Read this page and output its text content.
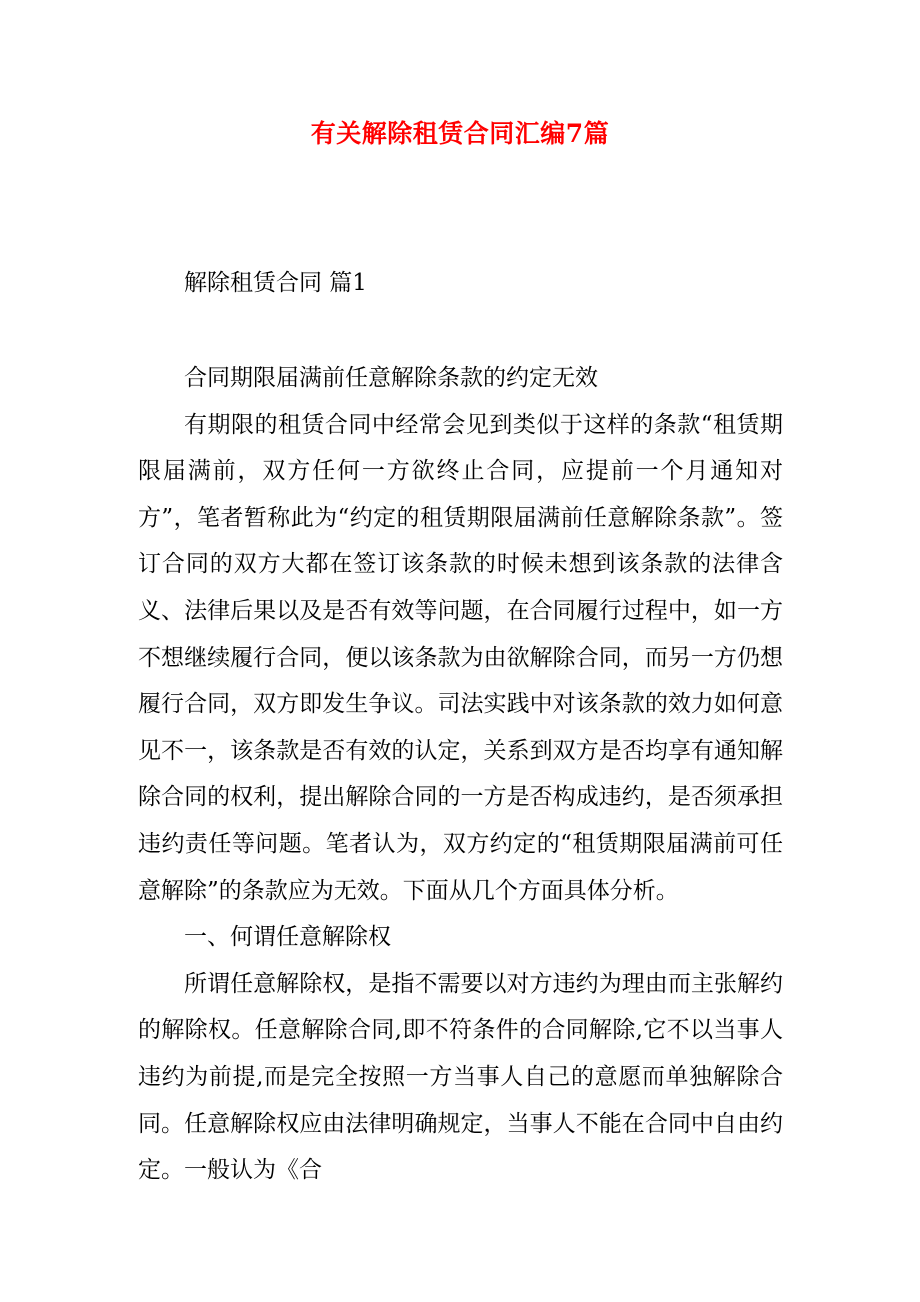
有关解除租赁合同汇编7篇

解除租赁合同 篇1

合同期限届满前任意解除条款的约定无效

有期限的租赁合同中经常会见到类似于这样的条款“租赁期限届满前，双方任何一方欲终止合同，应提前一个月通知对方”，笔者暂称此为“约定的租赁期限届满前任意解除条款”。签订合同的双方大都在签订该条款的时候未想到该条款的法律含义、法律后果以及是否有效等问题，在合同履行过程中，如一方不想继续履行合同，便以该条款为由欲解除合同，而另一方仍想履行合同，双方即发生争议。司法实践中对该条款的效力如何意见不一，该条款是否有效的认定，关系到双方是否均享有通知解除合同的权利，提出解除合同的一方是否构成违约，是否须承担违约责任等问题。笔者认为，双方约定的“租赁期限届满前可任意解除”的条款应为无效。下面从几个方面具体分析。

一、何谓任意解除权

所谓任意解除权，是指不需要以对方违约为理由而主张解约的解除权。任意解除合同,即不符条件的合同解除,它不以当事人违约为前提,而是完全按照一方当事人自己的意愿而单独解除合同。任意解除权应由法律明确规定，当事人不能在合同中自由约定。一般认为《合
